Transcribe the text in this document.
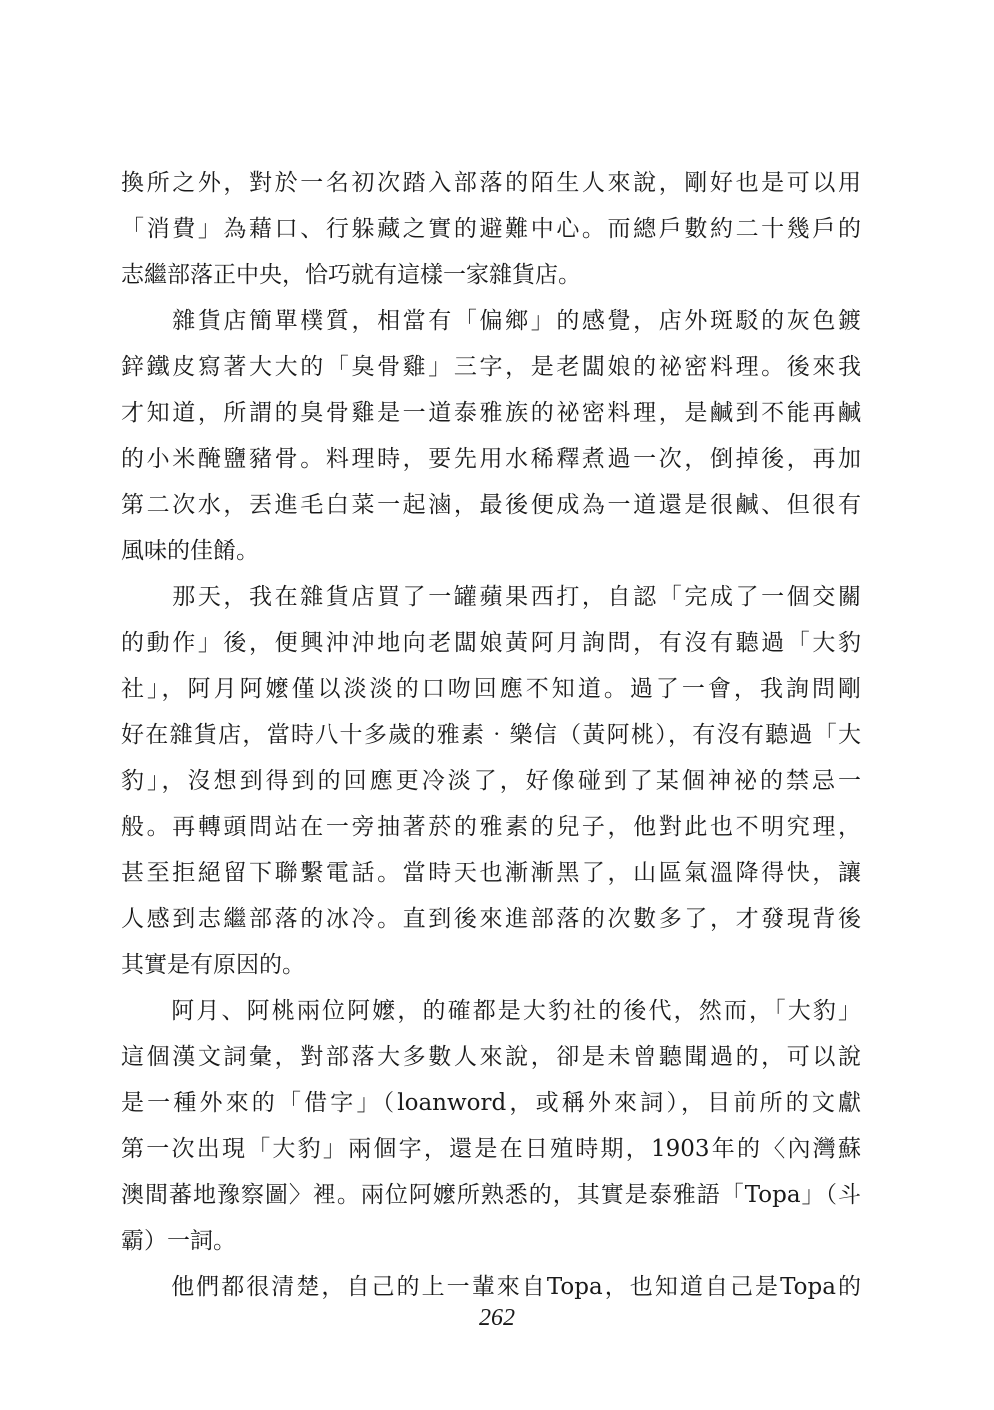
換所之外，對於一名初次踏入部落的陌生人來說，剛好也是可以用
「消費」為藉口、行躲藏之實的避難中心。而總戶數約二十幾戶的
志繼部落正中央，恰巧就有這樣一家雜貨店。
　　雜貨店簡單樸質，相當有「偏鄉」的感覺，店外斑駁的灰色鍍
鋅鐵皮寫著大大的「臭骨雞」三字，是老闆娘的祕密料理。後來我
才知道，所謂的臭骨雞是一道泰雅族的祕密料理，是鹹到不能再鹹
的小米醃鹽豬骨。料理時，要先用水稀釋煮過一次，倒掉後，再加
第二次水，丟進毛白菜一起滷，最後便成為一道還是很鹹、但很有
風味的佳餚。
　　那天，我在雜貨店買了一罐蘋果西打，自認「完成了一個交關
的動作」後，便興沖沖地向老闆娘黃阿月詢問，有沒有聽過「大豹
社」，阿月阿嬤僅以淡淡的口吻回應不知道。過了一會，我詢問剛
好在雜貨店，當時八十多歲的雅素‧樂信（黃阿桃），有沒有聽過「大
豹」，沒想到得到的回應更冷淡了，好像碰到了某個神祕的禁忌一
般。再轉頭問站在一旁抽著菸的雅素的兒子，他對此也不明究理，
甚至拒絕留下聯繫電話。當時天也漸漸黑了，山區氣溫降得快，讓
人感到志繼部落的冰冷。直到後來進部落的次數多了，才發現背後
其實是有原因的。
　　阿月、阿桃兩位阿嬤，的確都是大豹社的後代，然而，「大豹」
這個漢文詞彙，對部落大多數人來說，卻是未曾聽聞過的，可以說
是一種外來的「借字」（loanword，或稱外來詞），目前所的文獻
第一次出現「大豹」兩個字，還是在日殖時期，1903年的〈內灣蘇
澳間蕃地豫察圖〉裡。兩位阿嬤所熟悉的，其實是泰雅語「Topa」（斗
霸）一詞。
　　他們都很清楚，自己的上一輩來自Topa，也知道自己是Topa的
262
